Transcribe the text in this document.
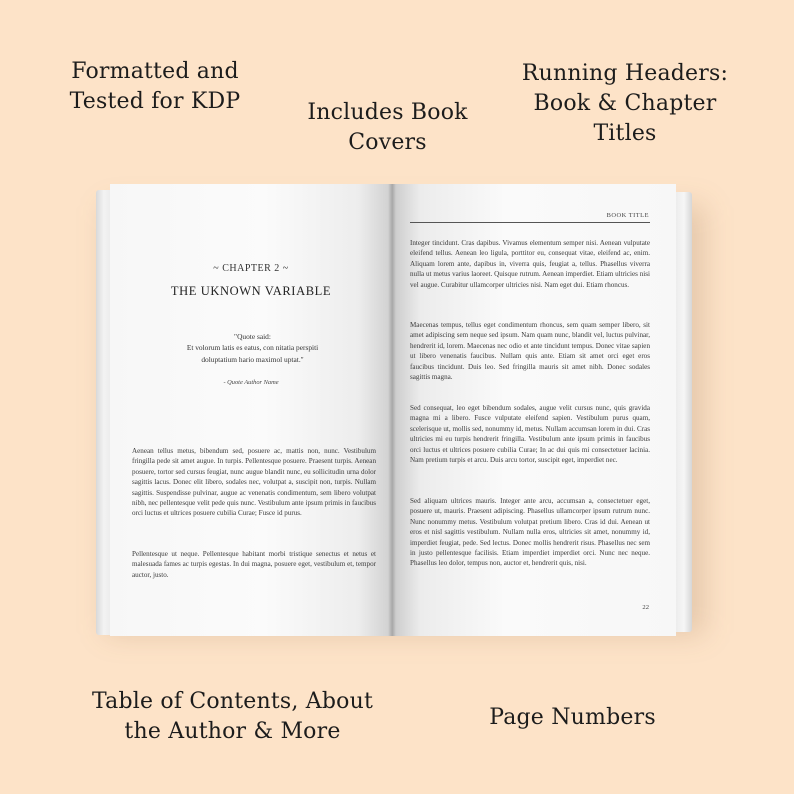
Formatted and
Tested for KDP	Includes Book
Covers
Running Headers:
Book & Chapter
Titles
~ CHAPTER 2 ~
THE UKNOWN VARIABLE
"Quote said:
Et volorum latis es eatus, con nitatia perspiti
doluptatium hario maximol uptat."
- Quote Author Name

Aenean tellus metus, bibendum sed, posuere ac, mattis non, nunc. Vestibulum fringilla pede sit amet augue. In turpis. Pellentesque posuere. Praesent turpis. Aenean posuere, tortor sed cursus feugiat, nunc augue blandit nunc, eu sollicitudin urna dolor sagittis lacus. Donec elit libero, sodales nec, volutpat a, suscipit non, turpis. Nullam sagittis. Suspendisse pulvinar, augue ac venenatis condimentum, sem libero volutpat nibh, nec pellentesque velit pede quis nunc. Vestibulum ante ipsum primis in faucibus orci luctus et ultrices posuere cubilia Curae; Fusce id purus.

Pellentesque ut neque. Pellentesque habitant morbi tristique senectus et netus et malesuada fames ac turpis egestas. In dui magna, posuere eget, vestibulum et, tempor auctor, justo.

BOOK TITLE

Integer tincidunt. Cras dapibus. Vivamus elementum semper nisi. Aenean vulputate eleifend tellus. Aenean leo ligula, porttitor eu, consequat vitae, eleifend ac, enim. Aliquam lorem ante, dapibus in, viverra quis, feugiat a, tellus. Phasellus viverra nulla ut metus varius laoreet. Quisque rutrum. Aenean imperdiet. Etiam ultricies nisi vel augue. Curabitur ullamcorper ultricies nisi. Nam eget dui. Etiam rhoncus.

Maecenas tempus, tellus eget condimentum rhoncus, sem quam semper libero, sit amet adipiscing sem neque sed ipsum. Nam quam nunc, blandit vel, luctus pulvinar, hendrerit id, lorem. Maecenas nec odio et ante tincidunt tempus. Donec vitae sapien ut libero venenatis faucibus. Nullam quis ante. Etiam sit amet orci eget eros faucibus tincidunt. Duis leo. Sed fringilla mauris sit amet nibh. Donec sodales sagittis magna.

Sed consequat, leo eget bibendum sodales, augue velit cursus nunc, quis gravida magna mi a libero. Fusce vulputate eleifend sapien. Vestibulum purus quam, scelerisque ut, mollis sed, nonummy id, metus. Nullam accumsan lorem in dui. Cras ultricies mi eu turpis hendrerit fringilla. Vestibulum ante ipsum primis in faucibus orci luctus et ultrices posuere cubilia Curae; In ac dui quis mi consectetuer lacinia. Nam pretium turpis et arcu. Duis arcu tortor, suscipit eget, imperdiet nec.

Sed aliquam ultrices mauris. Integer ante arcu, accumsan a, consectetuer eget, posuere ut, mauris. Praesent adipiscing. Phasellus ullamcorper ipsum rutrum nunc. Nunc nonummy metus. Vestibulum volutpat pretium libero. Cras id dui. Aenean ut eros et nisl sagittis vestibulum. Nullam nulla eros, ultricies sit amet, nonummy id, imperdiet feugiat, pede. Sed lectus. Donec mollis hendrerit risus. Phasellus nec sem in justo pellentesque facilisis. Etiam imperdiet imperdiet orci. Nunc nec neque. Phasellus leo dolor, tempus non, auctor et, hendrerit quis, nisi.

22
Table of Contents, About
the Author & More
Page Numbers
